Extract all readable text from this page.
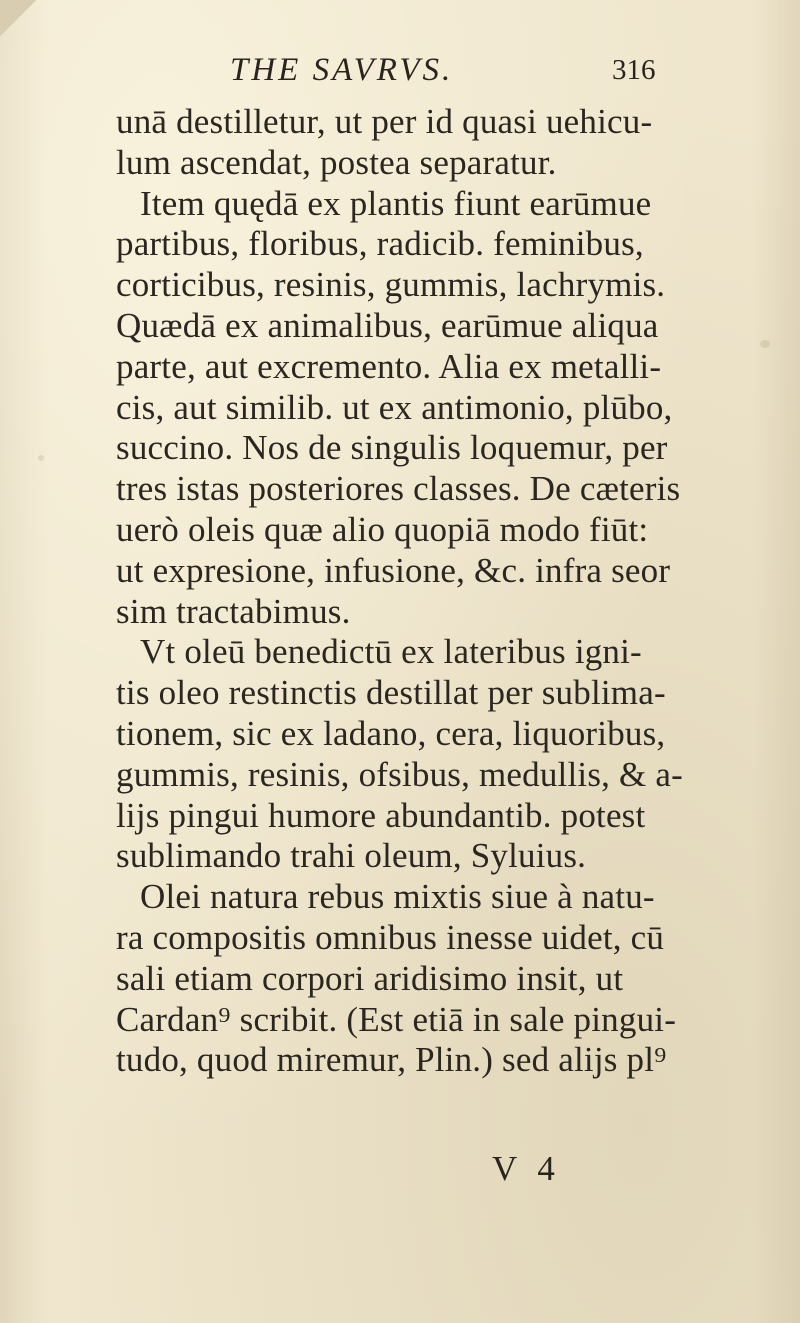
THE SAVRVS.	316
unā destilletur, ut per id quasi uehicu-
lum ascendat, postea separatur.
Item quędā ex plantis fiunt earūmue
partibus, floribus, radicib. feminibus,
corticibus, resinis, gummis, lachrymis.
Quædā ex animalibus, earūmue aliqua
parte, aut excremento. Alia ex metalli-
cis, aut similib. ut ex antimonio, plūbo,
succino. Nos de singulis loquemur, per
tres istas posteriores classes. De cæteris
uerò oleis quæ alio quopiā modo fiūt:
ut expresione, infusione, &c. infra seor
sim tractabimus.
Vt oleū benedictū ex lateribus igni-
tis oleo restinctis destillat per sublima-
tionem, sic ex ladano, cera, liquoribus,
gummis, resinis, ofsibus, medullis, & a-
lijs pingui humore abundantib. potest
sublimando trahi oleum, Syluius.
Olei natura rebus mixtis siue à natu-
ra compositis omnibus inesse uidet, cū
sali etiam corpori aridisimo insit, ut
Cardan⁹ scribit. (Est etiā in sale pingui-
tudo, quod miremur, Plin.) sed alijs pl⁹
V 4
